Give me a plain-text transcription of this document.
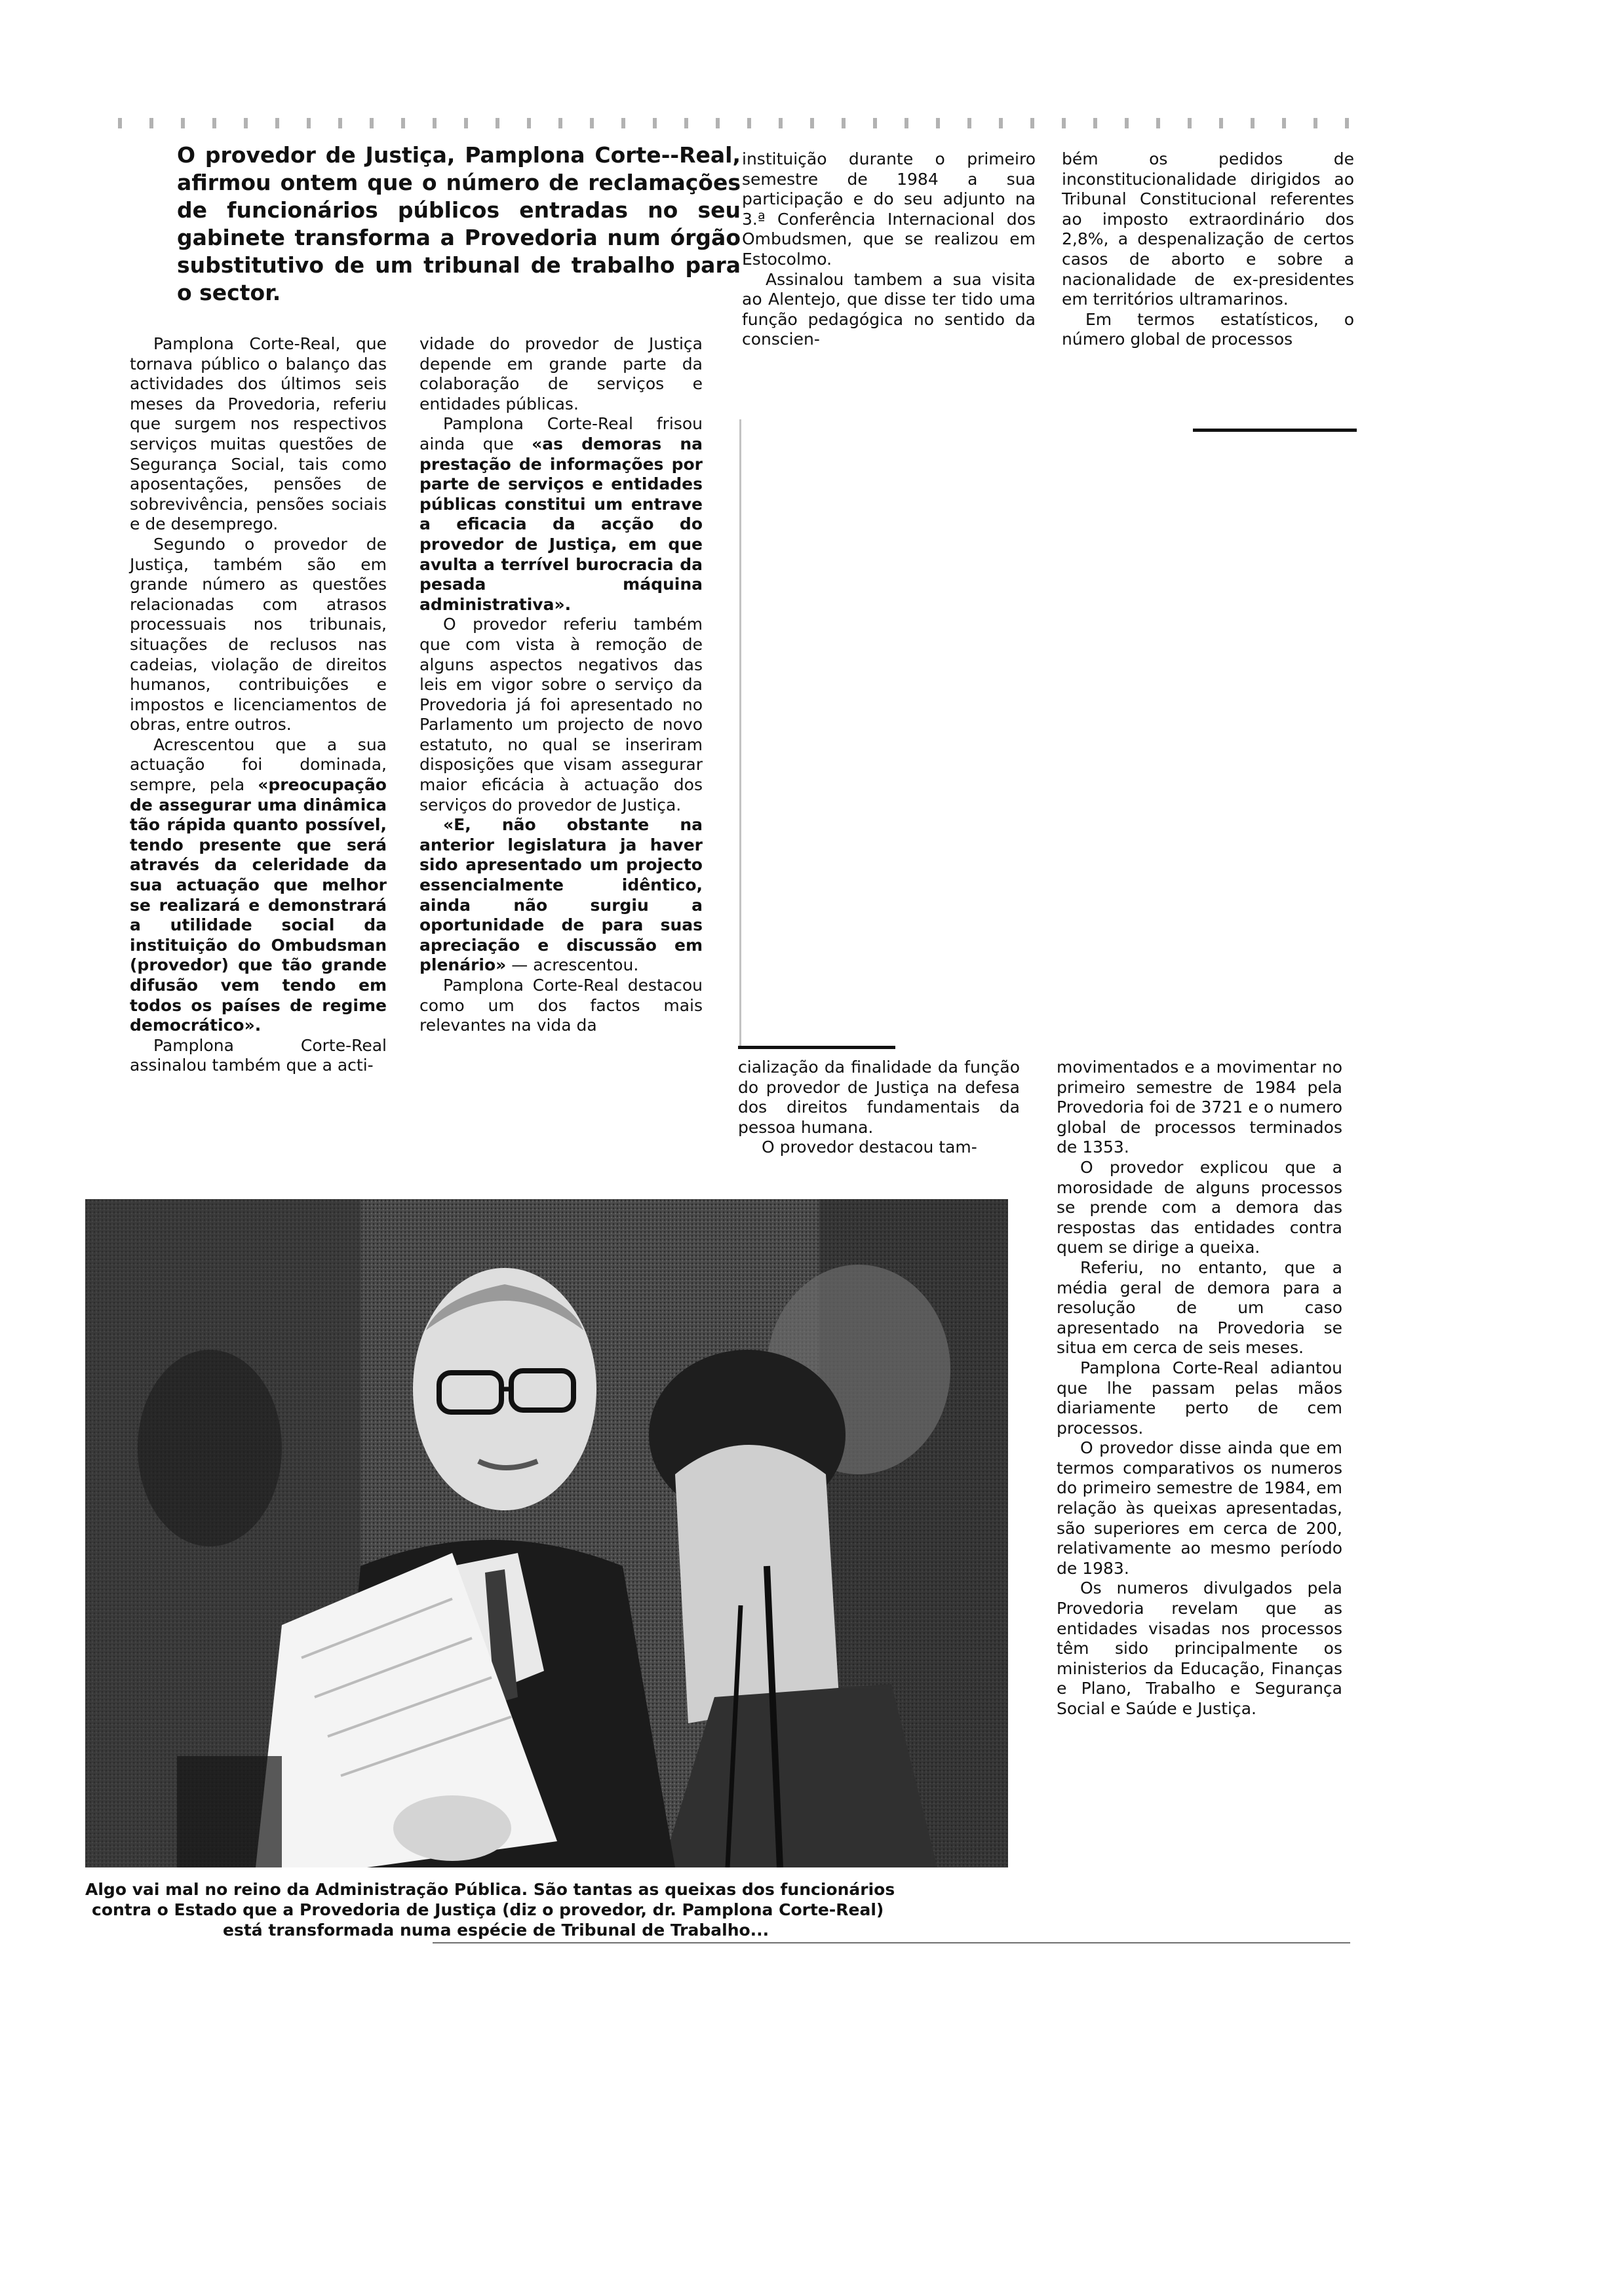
O provedor de Justiça, Pamplona Corte--Real, afirmou ontem que o número de reclamações de funcionários públicos entradas no seu gabinete transforma a Provedoria num órgão substitutivo de um tribunal de trabalho para o sector.

Pamplona Corte-Real, que tornava público o balanço das actividades dos últimos seis meses da Provedoria, referiu que surgem nos respectivos serviços muitas questões de Segurança Social, tais como aposentações, pensões de sobrevivência, pensões sociais e de desemprego.

Segundo o provedor de Justiça, também são em grande número as questões relacionadas com atrasos processuais nos tribunais, situações de reclusos nas cadeias, violação de direitos humanos, contribuições e impostos e licenciamentos de obras, entre outros.

Acrescentou que a sua actuação foi dominada, sempre, pela «preocupação de assegurar uma dinâmica tão rápida quanto possível, tendo presente que será através da celeridade da sua actuação que melhor se realizará e demonstrará a utilidade social da instituição do Ombudsman (provedor) que tão grande difusão vem tendo em todos os países de regime democrático».

Pamplona Corte-Real assinalou também que a acti-

vidade do provedor de Justiça depende em grande parte da colaboração de serviços e entidades públicas.

Pamplona Corte-Real frisou ainda que «as demoras na prestação de informações por parte de serviços e entidades públicas constitui um entrave a eficacia da acção do provedor de Justiça, em que avulta a terrível burocracia da pesada máquina administrativa».

O provedor referiu também que com vista à remoção de alguns aspectos negativos das leis em vigor sobre o serviço da Provedoria já foi apresentado no Parlamento um projecto de novo estatuto, no qual se inseriram disposições que visam assegurar maior eficácia à actuação dos serviços do provedor de Justiça.

«E, não obstante na anterior legislatura ja haver sido apresentado um projecto essencialmente idêntico, ainda não surgiu a oportunidade de para suas apreciação e discussão em plenário» — acrescentou.

Pamplona Corte-Real destacou como um dos factos mais relevantes na vida da

instituição durante o primeiro semestre de 1984 a sua participação e do seu adjunto na 3.ª Conferência Internacional dos Ombudsmen, que se realizou em Estocolmo.

Assinalou tambem a sua visita ao Alentejo, que disse ter tido uma função pedagógica no sentido da conscien-

bém os pedidos de inconstitucionalidade dirigidos ao Tribunal Constitucional referentes ao imposto extraordinário dos 2,8%, a despenalização de certos casos de aborto e sobre a nacionalidade de ex-presidentes em territórios ultramarinos.

Em termos estatísticos, o número global de processos

cialização da finalidade da função do provedor de Justiça na defesa dos direitos fundamentais da pessoa humana.

O provedor destacou tam-

movimentados e a movimentar no primeiro semestre de 1984 pela Provedoria foi de 3721 e o numero global de processos terminados de 1353.

O provedor explicou que a morosidade de alguns processos se prende com a demora das respostas das entidades contra quem se dirige a queixa.

Referiu, no entanto, que a média geral de demora para a resolução de um caso apresentado na Provedoria se situa em cerca de seis meses.

Pamplona Corte-Real adiantou que lhe passam pelas mãos diariamente perto de cem processos.

O provedor disse ainda que em termos comparativos os numeros do primeiro semestre de 1984, em relação às queixas apresentadas, são superiores em cerca de 200, relativamente ao mesmo período de 1983.

Os numeros divulgados pela Provedoria revelam que as entidades visadas nos processos têm sido principalmente os ministerios da Educação, Finanças e Plano, Trabalho e Segurança Social e Saúde e Justiça.

Algo vai mal no reino da Administração Pública. São tantas as queixas dos funcionários
contra o Estado que a Provedoria de Justiça (diz o provedor, dr. Pamplona Corte-Real)
está transformada numa espécie de Tribunal de Trabalho...
